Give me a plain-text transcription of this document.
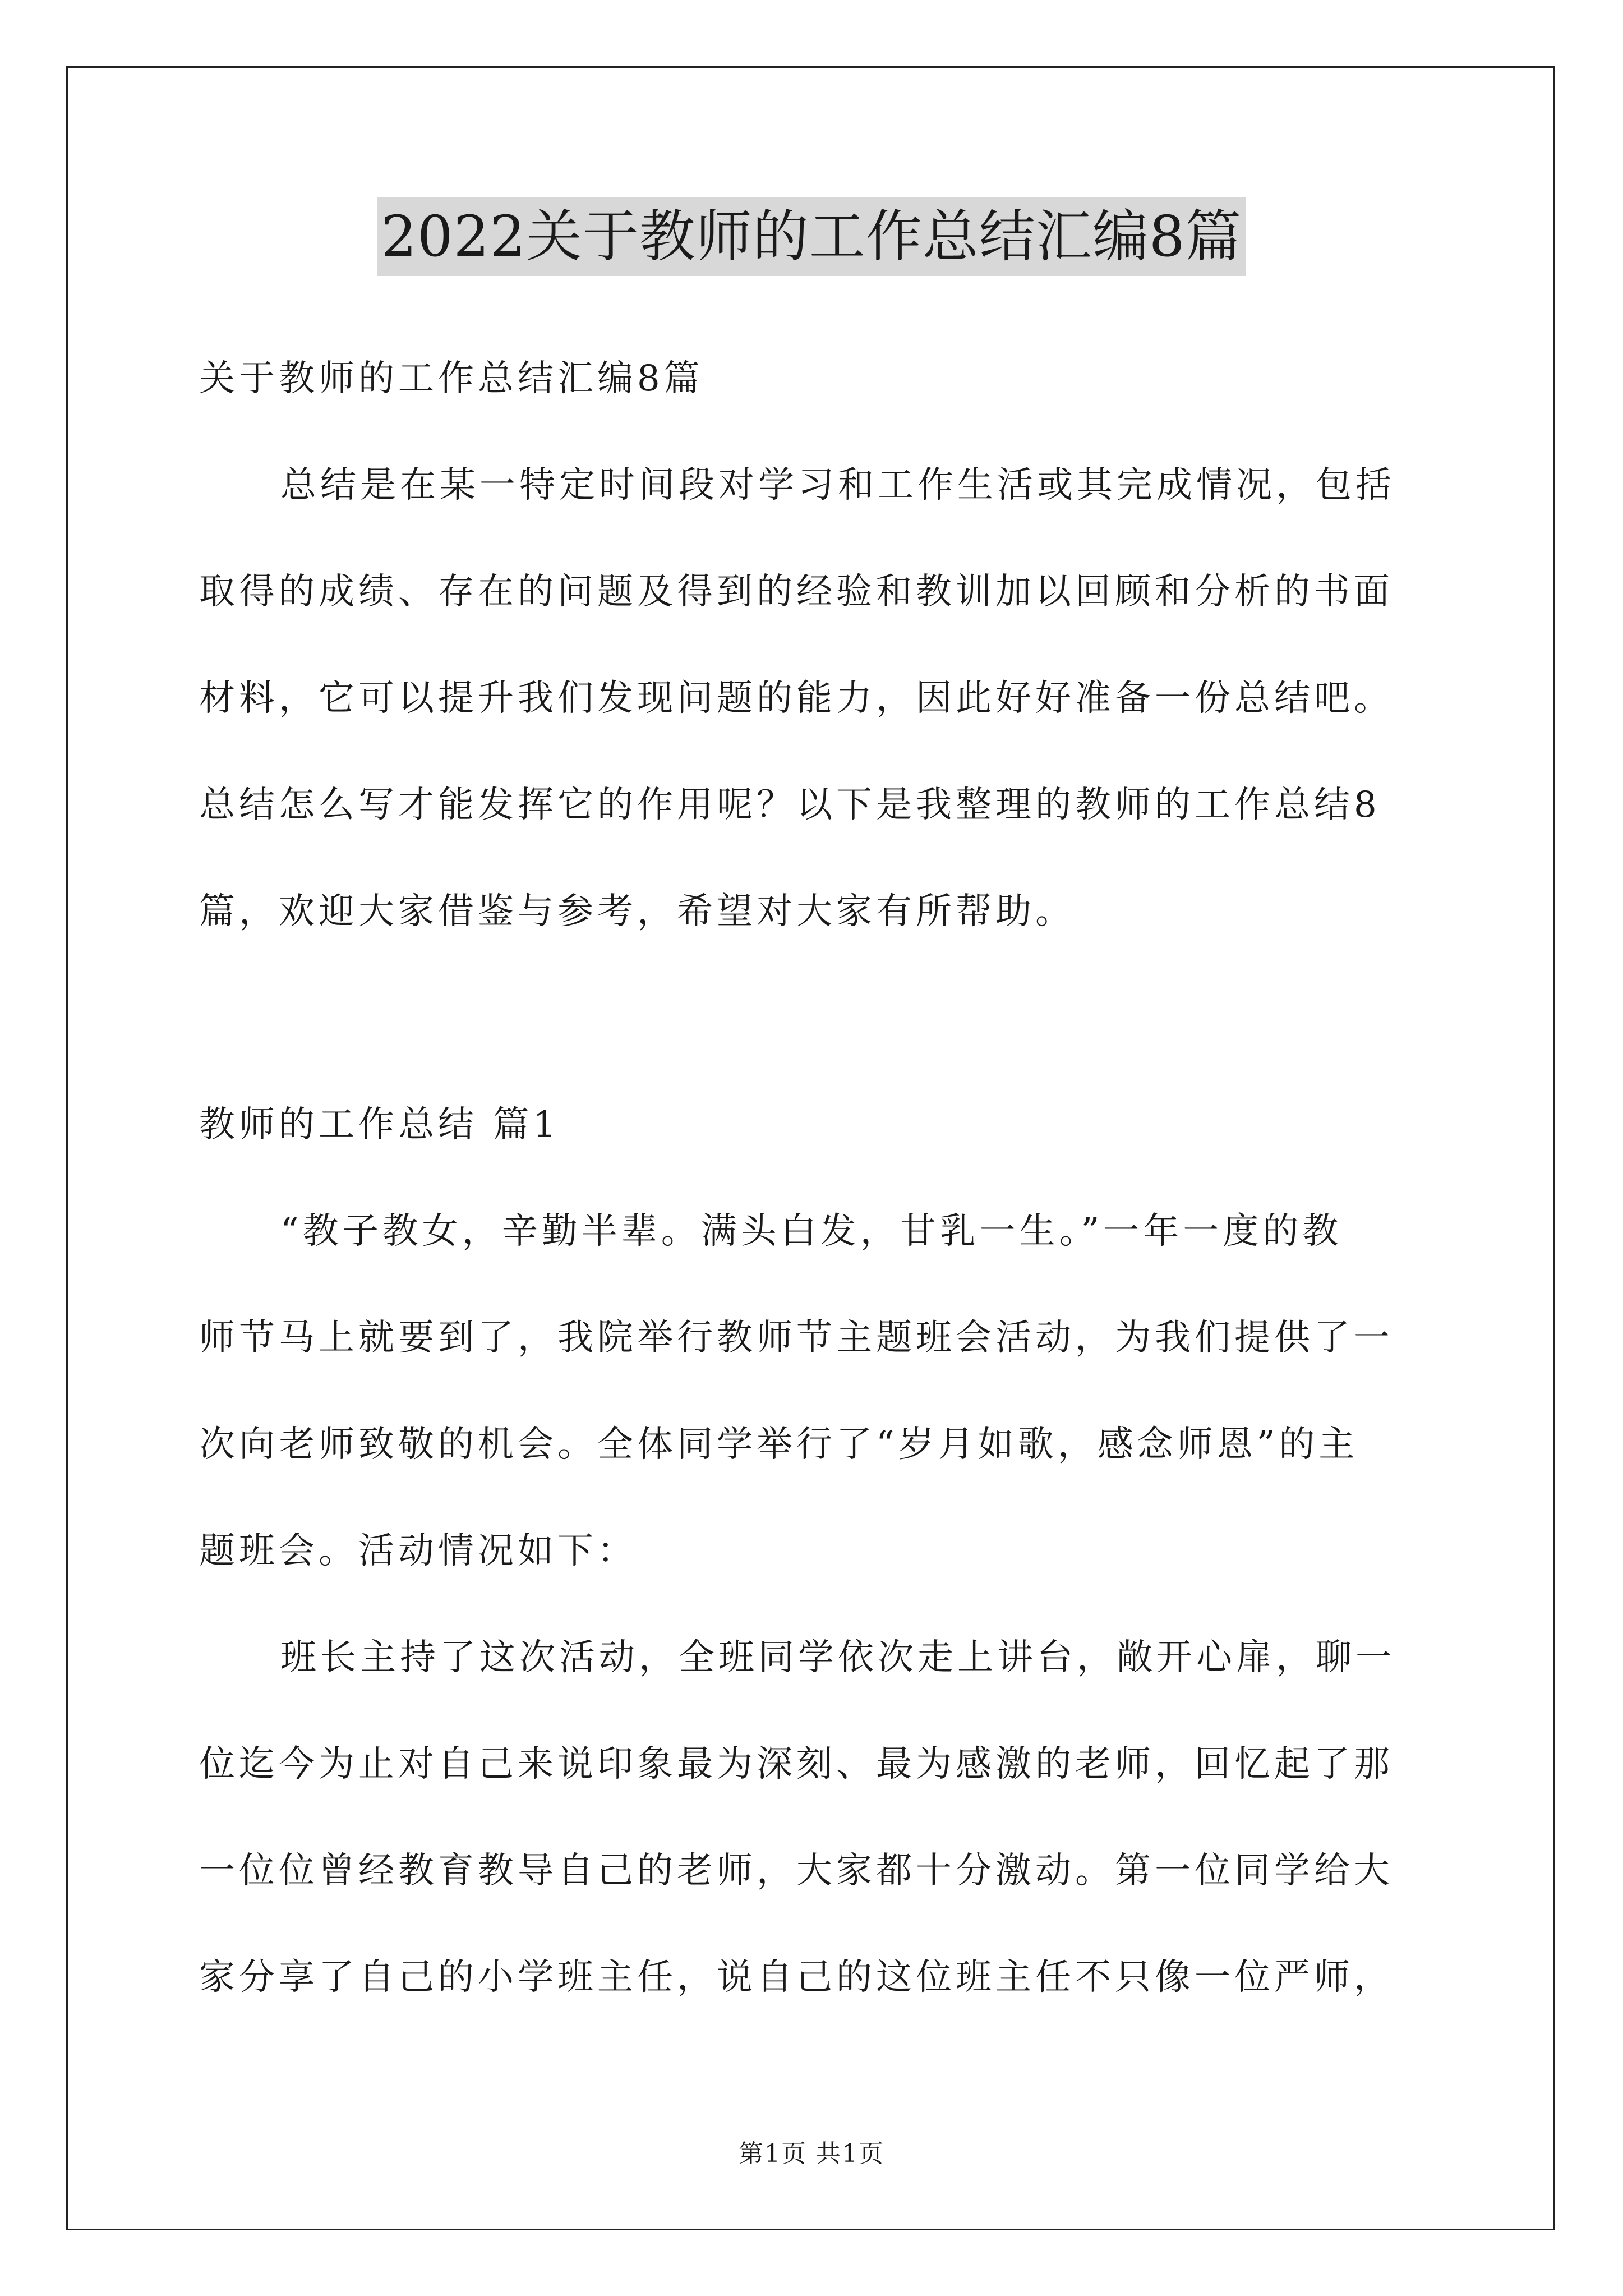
2022关于教师的工作总结汇编8篇
关于教师的工作总结汇编8篇
总结是在某一特定时间段对学习和工作生活或其完成情况，包括
取得的成绩、存在的问题及得到的经验和教训加以回顾和分析的书面
材料，它可以提升我们发现问题的能力，因此好好准备一份总结吧。
总结怎么写才能发挥它的作用呢？以下是我整理的教师的工作总结8
篇，欢迎大家借鉴与参考，希望对大家有所帮助。
教师的工作总结 篇1
“教子教女，辛勤半辈。满头白发，甘乳一生。”一年一度的教
师节马上就要到了，我院举行教师节主题班会活动，为我们提供了一
次向老师致敬的机会。全体同学举行了“岁月如歌，感念师恩”的主
题班会。活动情况如下：
班长主持了这次活动，全班同学依次走上讲台，敞开心扉，聊一
位迄今为止对自己来说印象最为深刻、最为感激的老师，回忆起了那
一位位曾经教育教导自己的老师，大家都十分激动。第一位同学给大
家分享了自己的小学班主任，说自己的这位班主任不只像一位严师，
第1页 共1页
